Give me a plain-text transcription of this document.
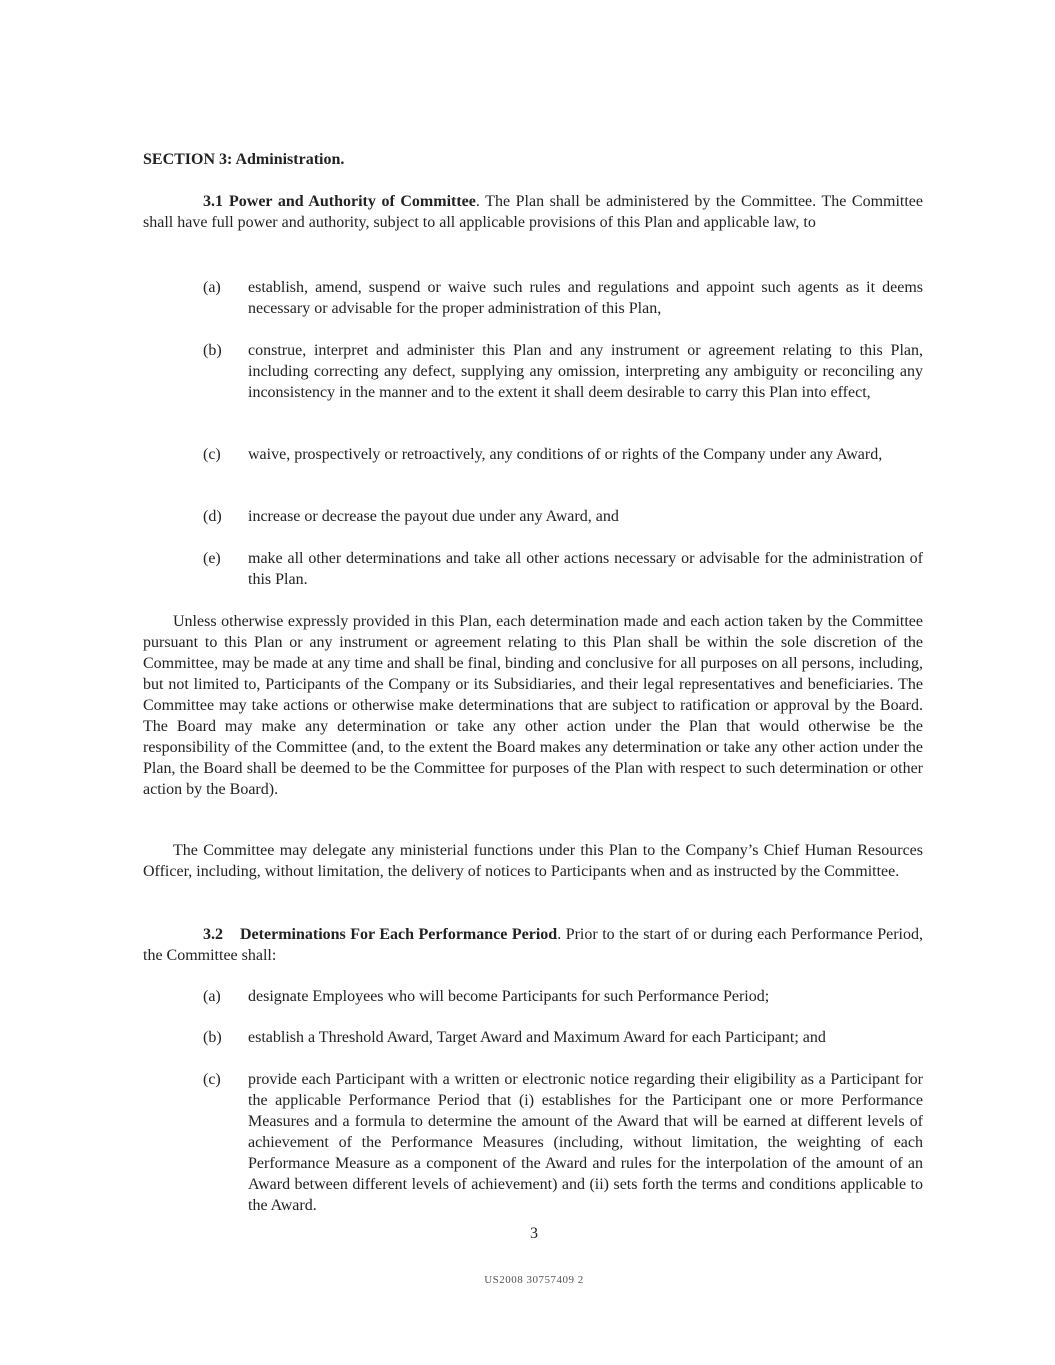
SECTION 3: Administration.
3.1 Power and Authority of Committee. The Plan shall be administered by the Committee. The Committee shall have full power and authority, subject to all applicable provisions of this Plan and applicable law, to
(a)	establish, amend, suspend or waive such rules and regulations and appoint such agents as it deems necessary or advisable for the proper administration of this Plan,
(b)	construe, interpret and administer this Plan and any instrument or agreement relating to this Plan, including correcting any defect, supplying any omission, interpreting any ambiguity or reconciling any inconsistency in the manner and to the extent it shall deem desirable to carry this Plan into effect,
(c)	waive, prospectively or retroactively, any conditions of or rights of the Company under any Award,
(d)	increase or decrease the payout due under any Award, and
(e)	make all other determinations and take all other actions necessary or advisable for the administration of this Plan.
Unless otherwise expressly provided in this Plan, each determination made and each action taken by the Committee pursuant to this Plan or any instrument or agreement relating to this Plan shall be within the sole discretion of the Committee, may be made at any time and shall be final, binding and conclusive for all purposes on all persons, including, but not limited to, Participants of the Company or its Subsidiaries, and their legal representatives and beneficiaries. The Committee may take actions or otherwise make determinations that are subject to ratification or approval by the Board. The Board may make any determination or take any other action under the Plan that would otherwise be the responsibility of the Committee (and, to the extent the Board makes any determination or take any other action under the Plan, the Board shall be deemed to be the Committee for purposes of the Plan with respect to such determination or other action by the Board).
The Committee may delegate any ministerial functions under this Plan to the Company’s Chief Human Resources Officer, including, without limitation, the delivery of notices to Participants when and as instructed by the Committee.
3.2 Determinations For Each Performance Period. Prior to the start of or during each Performance Period, the Committee shall:
(a)	designate Employees who will become Participants for such Performance Period;
(b)	establish a Threshold Award, Target Award and Maximum Award for each Participant; and
(c)	provide each Participant with a written or electronic notice regarding their eligibility as a Participant for the applicable Performance Period that (i) establishes for the Participant one or more Performance Measures and a formula to determine the amount of the Award that will be earned at different levels of achievement of the Performance Measures (including, without limitation, the weighting of each Performance Measure as a component of the Award and rules for the interpolation of the amount of an Award between different levels of achievement) and (ii) sets forth the terms and conditions applicable to the Award.
3
US2008 30757409 2
